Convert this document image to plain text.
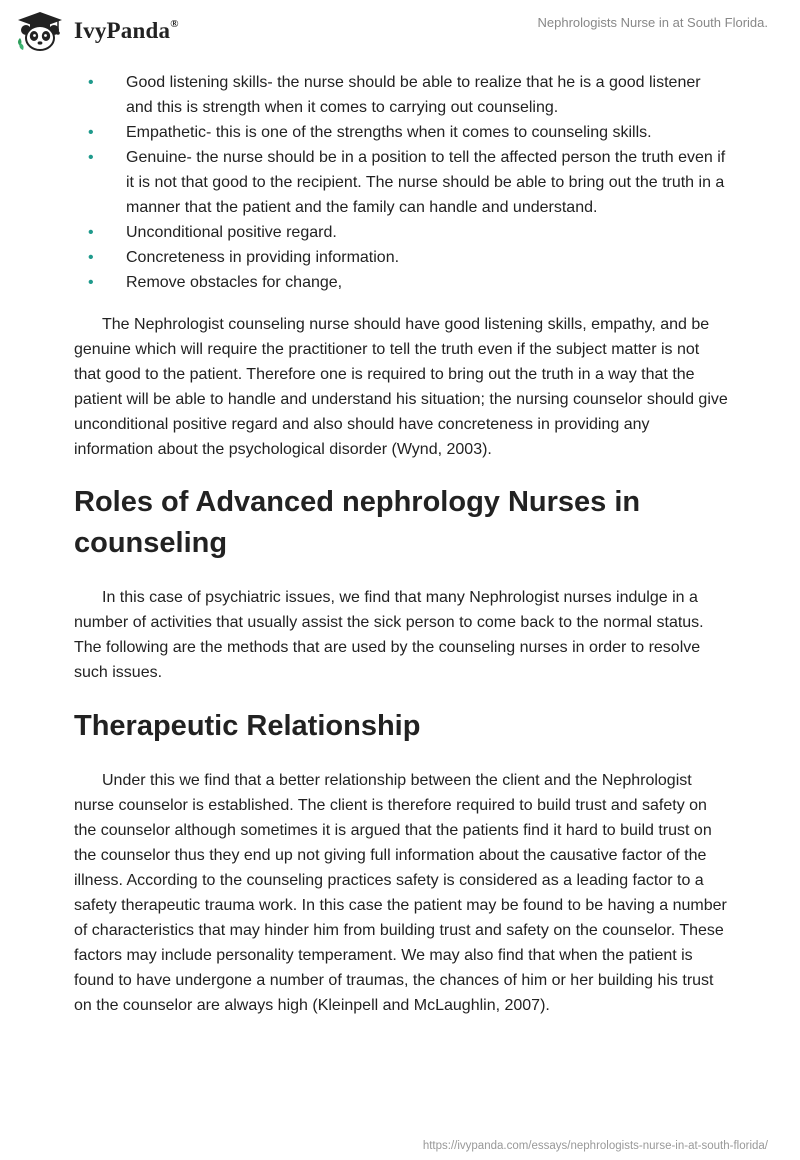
IvyPanda®	Nephrologists Nurse in at South Florida.
• Good listening skills- the nurse should be able to realize that he is a good listener and this is strength when it comes to carrying out counseling.
• Empathetic- this is one of the strengths when it comes to counseling skills.
• Genuine- the nurse should be in a position to tell the affected person the truth even if it is not that good to the recipient. The nurse should be able to bring out the truth in a manner that the patient and the family can handle and understand.
• Unconditional positive regard.
• Concreteness in providing information.
• Remove obstacles for change,

The Nephrologist counseling nurse should have good listening skills, empathy, and be genuine which will require the practitioner to tell the truth even if the subject matter is not that good to the patient. Therefore one is required to bring out the truth in a way that the patient will be able to handle and understand his situation; the nursing counselor should give unconditional positive regard and also should have concreteness in providing any information about the psychological disorder (Wynd, 2003).

Roles of Advanced nephrology Nurses in counseling

In this case of psychiatric issues, we find that many Nephrologist nurses indulge in a number of activities that usually assist the sick person to come back to the normal status. The following are the methods that are used by the counseling nurses in order to resolve such issues.

Therapeutic Relationship

Under this we find that a better relationship between the client and the Nephrologist nurse counselor is established. The client is therefore required to build trust and safety on the counselor although sometimes it is argued that the patients find it hard to build trust on the counselor thus they end up not giving full information about the causative factor of the illness. According to the counseling practices safety is considered as a leading factor to a safety therapeutic trauma work. In this case the patient may be found to be having a number of characteristics that may hinder him from building trust and safety on the counselor. These factors may include personality temperament. We may also find that when the patient is found to have undergone a number of traumas, the chances of him or her building his trust on the counselor are always high (Kleinpell and McLaughlin, 2007).

https://ivypanda.com/essays/nephrologists-nurse-in-at-south-florida/
